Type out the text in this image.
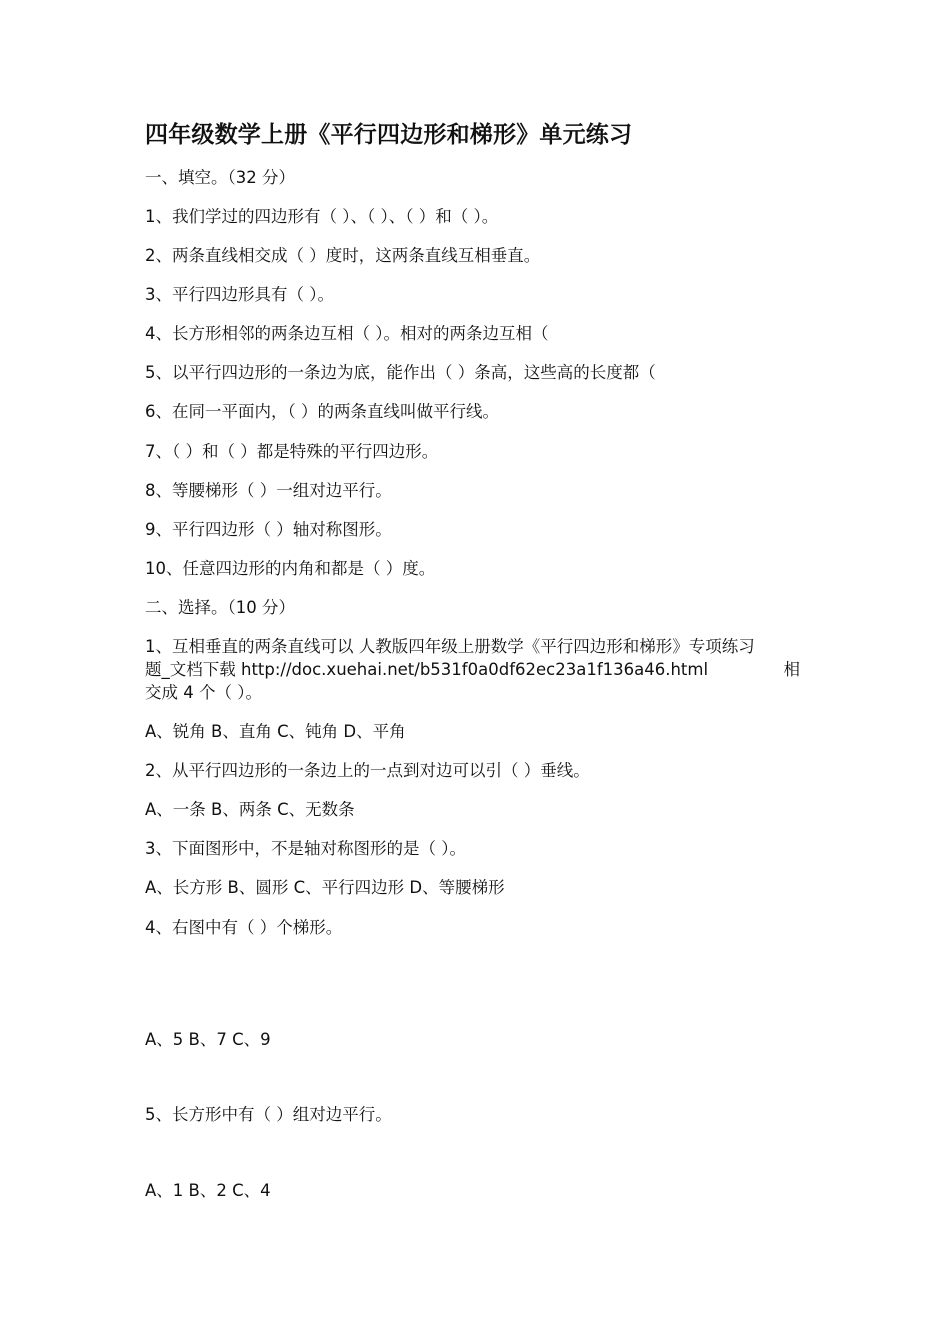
四年级数学上册《平行四边形和梯形》单元练习
一、填空。（32 分）
1、我们学过的四边形有（ ）、（ ）、（ ）和（ ）。
2、两条直线相交成（ ）度时，这两条直线互相垂直。
3、平行四边形具有（ ）。
4、长方形相邻的两条边互相（ ）。相对的两条边互相（
5、以平行四边形的一条边为底，能作出（ ）条高，这些高的长度都（
6、在同一平面内，（ ）的两条直线叫做平行线。
7、（ ）和（ ）都是特殊的平行四边形。
8、等腰梯形（ ）一组对边平行。
9、平行四边形（ ）轴对称图形。
10、任意四边形的内角和都是（ ）度。
二、选择。（10 分）
1、互相垂直的两条直线可以 人教版四年级上册数学《平行四边形和梯形》专项练习
题_文档下载 http://doc.xuehai.net/b531f0a0df62ec23a1f136a46.html	相
交成 4 个（ ）。
A、锐角 B、直角 C、钝角 D、平角
2、从平行四边形的一条边上的一点到对边可以引（ ）垂线。
A、一条 B、两条 C、无数条
3、下面图形中，不是轴对称图形的是（ ）。
A、长方形 B、圆形 C、平行四边形 D、等腰梯形
4、右图中有（ ）个梯形。
A、5 B、7 C、9
5、长方形中有（ ）组对边平行。
A、1 B、2 C、4
